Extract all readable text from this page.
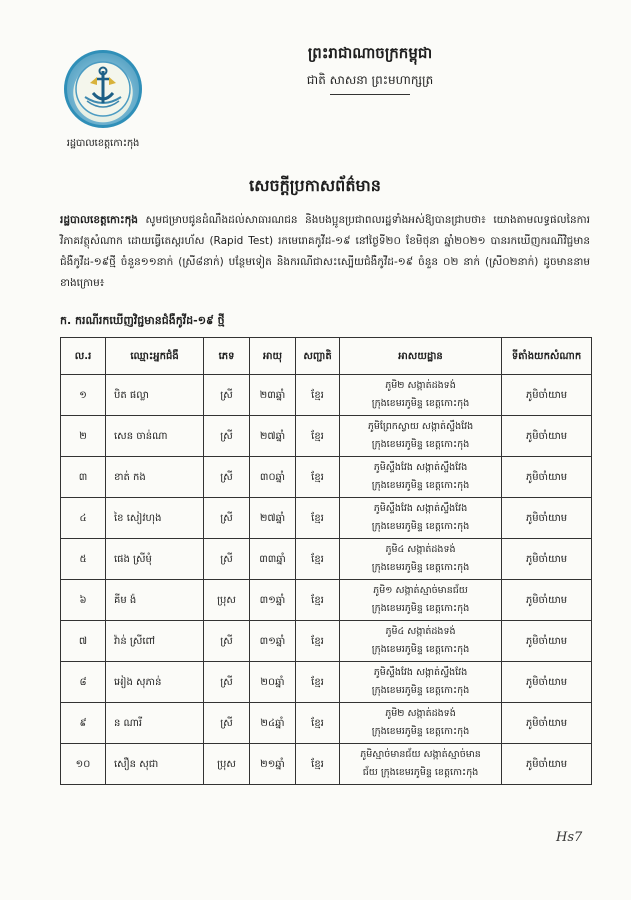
រដ្ឋបាលខេត្តកោះកុង
ព្រះរាជាណាចក្រកម្ពុជា
ជាតិ សាសនា ព្រះមហាក្សត្រ
សេចក្តីប្រកាសព័ត៌មាន
រដ្ឋបាលខេត្តកោះកុង សូមជម្រាបជូនដំណឹងដល់សាធារណជន និងបងប្អូនប្រជាពលរដ្ឋទាំងអស់ឱ្យបានជ្រាបថា៖ យោងតាមលទ្ធផលនៃការវិភាគវត្ថុសំណាក ដោយធ្វើតេស្តរហ័ស (Rapid Test) រកមេរោគកូវីដ-១៩ នៅថ្ងៃទី២០ ខែមិថុនា ឆ្នាំ២០២១ បានរកឃើញករណីវិជ្ជមានជំងឺកូវីដ-១៩ថ្មី ចំនួន១១នាក់ (ស្រី៨នាក់) បន្ថែមទៀត និងករណីជាសះស្បើយជំងឺកូវីដ-១៩ ចំនួន ០២ នាក់ (ស្រី០២នាក់) ដូចមាននាមខាងក្រោម៖
ក. ករណីរកឃើញវិជ្ជមានជំងឺកូវីដ-១៩ ថ្មី
ល.រ	ឈ្មោះអ្នកជំងឺ	ភេទ	អាយុ	សញ្ជាតិ	អាសយដ្ឋាន	ទីតាំងយកសំណាក
១	បិត ផល្លា	ស្រី	២៣ឆ្នាំ	ខ្មែរ	ភូមិ២ សង្កាត់ដងទង់
ក្រុងខេមរភូមិន្ទ ខេត្តកោះកុង	ភូមិចាំយាម
២	សេន ចាន់ណា	ស្រី	២៧ឆ្នាំ	ខ្មែរ	ភូមិព្រែកស្វាយ សង្កាត់ស្ទឹងវែង
ក្រុងខេមរភូមិន្ទ ខេត្តកោះកុង	ភូមិចាំយាម
៣	ខាត់ កង	ស្រី	៣០ឆ្នាំ	ខ្មែរ	ភូមិស្ទឹងវែង សង្កាត់ស្ទឹងវែង
ក្រុងខេមរភូមិន្ទ ខេត្តកោះកុង	ភូមិចាំយាម
៤	ខៃ សៀវហុង	ស្រី	២៧ឆ្នាំ	ខ្មែរ	ភូមិស្ទឹងវែង សង្កាត់ស្ទឹងវែង
ក្រុងខេមរភូមិន្ទ ខេត្តកោះកុង	ភូមិចាំយាម
៥	ផេង ស្រីមុំ	ស្រី	៣៣ឆ្នាំ	ខ្មែរ	ភូមិ៤ សង្កាត់ដងទង់
ក្រុងខេមរភូមិន្ទ ខេត្តកោះកុង	ភូមិចាំយាម
៦	គីម ង៉	ប្រុស	៣១ឆ្នាំ	ខ្មែរ	ភូមិ១ សង្កាត់ស្មាច់មានជ័យ
ក្រុងខេមរភូមិន្ទ ខេត្តកោះកុង	ភូមិចាំយាម
៧	វ៉ាន់ ស្រីពៅ	ស្រី	៣១ឆ្នាំ	ខ្មែរ	ភូមិ៤ សង្កាត់ដងទង់
ក្រុងខេមរភូមិន្ទ ខេត្តកោះកុង	ភូមិចាំយាម
៨	អៀង សុភាន់	ស្រី	២០ឆ្នាំ	ខ្មែរ	ភូមិស្ទឹងវែង សង្កាត់ស្ទឹងវែង
ក្រុងខេមរភូមិន្ទ ខេត្តកោះកុង	ភូមិចាំយាម
៩	ន ណារី	ស្រី	២៤ឆ្នាំ	ខ្មែរ	ភូមិ២ សង្កាត់ដងទង់
ក្រុងខេមរភូមិន្ទ ខេត្តកោះកុង	ភូមិចាំយាម
១០	សឿន សុជា	ប្រុស	២១ឆ្នាំ	ខ្មែរ	ភូមិស្មាច់មានជ័យ សង្កាត់ស្មាច់មាន
ជ័យ ក្រុងខេមរភូមិន្ទ ខេត្តកោះកុង	ភូមិចាំយាម
Hs7
